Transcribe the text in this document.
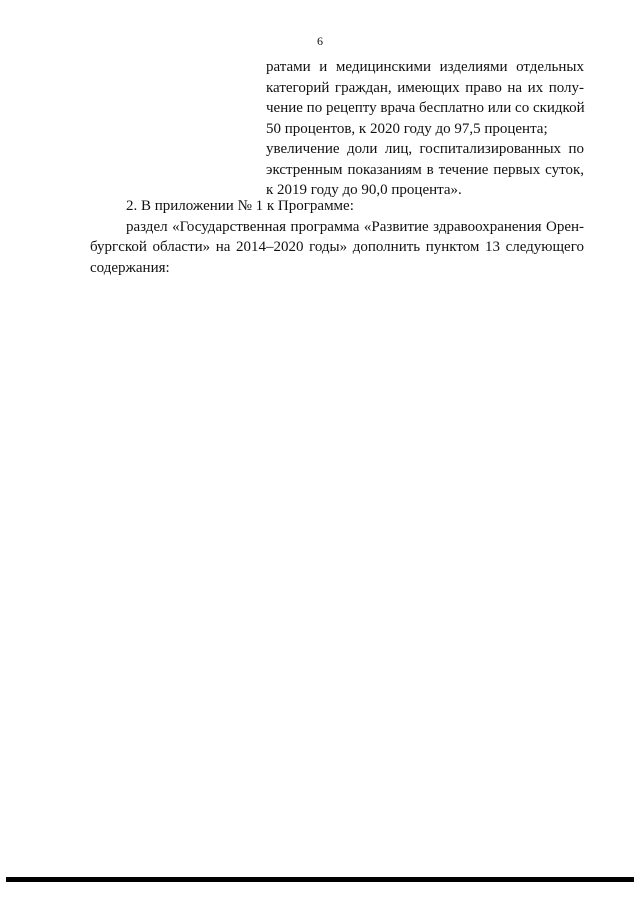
6
ратами и медицинскими изделиями отдельных
категорий граждан, имеющих право на их полу-
чение по рецепту врача бесплатно или со скидкой
50 процентов, к 2020 году до 97,5 процента;
увеличение доли лиц, госпитализированных по
экстренным показаниям в течение первых суток,
к 2019 году до 90,0 процента».
2. В приложении № 1 к Программе:
раздел «Государственная программа «Развитие здравоохранения Орен-
бургской области» на 2014–2020 годы» дополнить пунктом 13 следующего
содержания:
